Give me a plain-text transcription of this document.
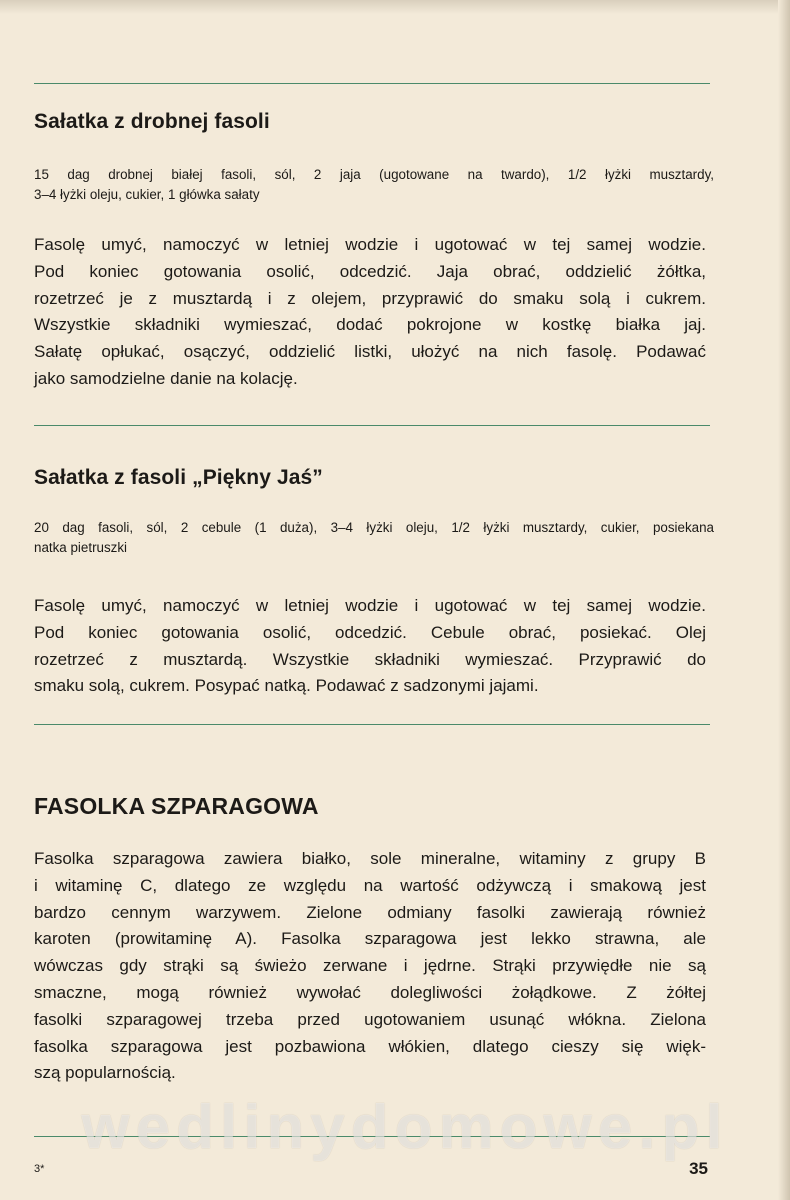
Sałatka z drobnej fasoli
15 dag drobnej białej fasoli, sól, 2 jaja (ugotowane na twardo), 1/2 łyżki musztardy,
3–4 łyżki oleju, cukier, 1 główka sałaty
Fasolę umyć, namoczyć w letniej wodzie i ugotować w tej samej wodzie.
Pod koniec gotowania osolić, odcedzić. Jaja obrać, oddzielić żółtka,
rozetrzeć je z musztardą i z olejem, przyprawić do smaku solą i cukrem.
Wszystkie składniki wymieszać, dodać pokrojone w kostkę białka jaj.
Sałatę opłukać, osączyć, oddzielić listki, ułożyć na nich fasolę. Podawać
jako samodzielne danie na kolację.
Sałatka z fasoli „Piękny Jaś”
20 dag fasoli, sól, 2 cebule (1 duża), 3–4 łyżki oleju, 1/2 łyżki musztardy, cukier, posiekana
natka pietruszki
Fasolę umyć, namoczyć w letniej wodzie i ugotować w tej samej wodzie.
Pod koniec gotowania osolić, odcedzić. Cebule obrać, posiekać. Olej
rozetrzeć z musztardą. Wszystkie składniki wymieszać. Przyprawić do
smaku solą, cukrem. Posypać natką. Podawać z sadzonymi jajami.
FASOLKA SZPARAGOWA
Fasolka szparagowa zawiera białko, sole mineralne, witaminy z grupy B
i witaminę C, dlatego ze względu na wartość odżywczą i smakową jest
bardzo cennym warzywem. Zielone odmiany fasolki zawierają również
karoten (prowitaminę A). Fasolka szparagowa jest lekko strawna, ale
wówczas gdy strąki są świeżo zerwane i jędrne. Strąki przywiędłe nie są
smaczne, mogą również wywołać dolegliwości żołądkowe. Z żółtej
fasolki szparagowej trzeba przed ugotowaniem usunąć włókna. Zielona
fasolka szparagowa jest pozbawiona włókien, dlatego cieszy się więk-
szą popularnością.
wedlinydomowe.pl
3*	35
